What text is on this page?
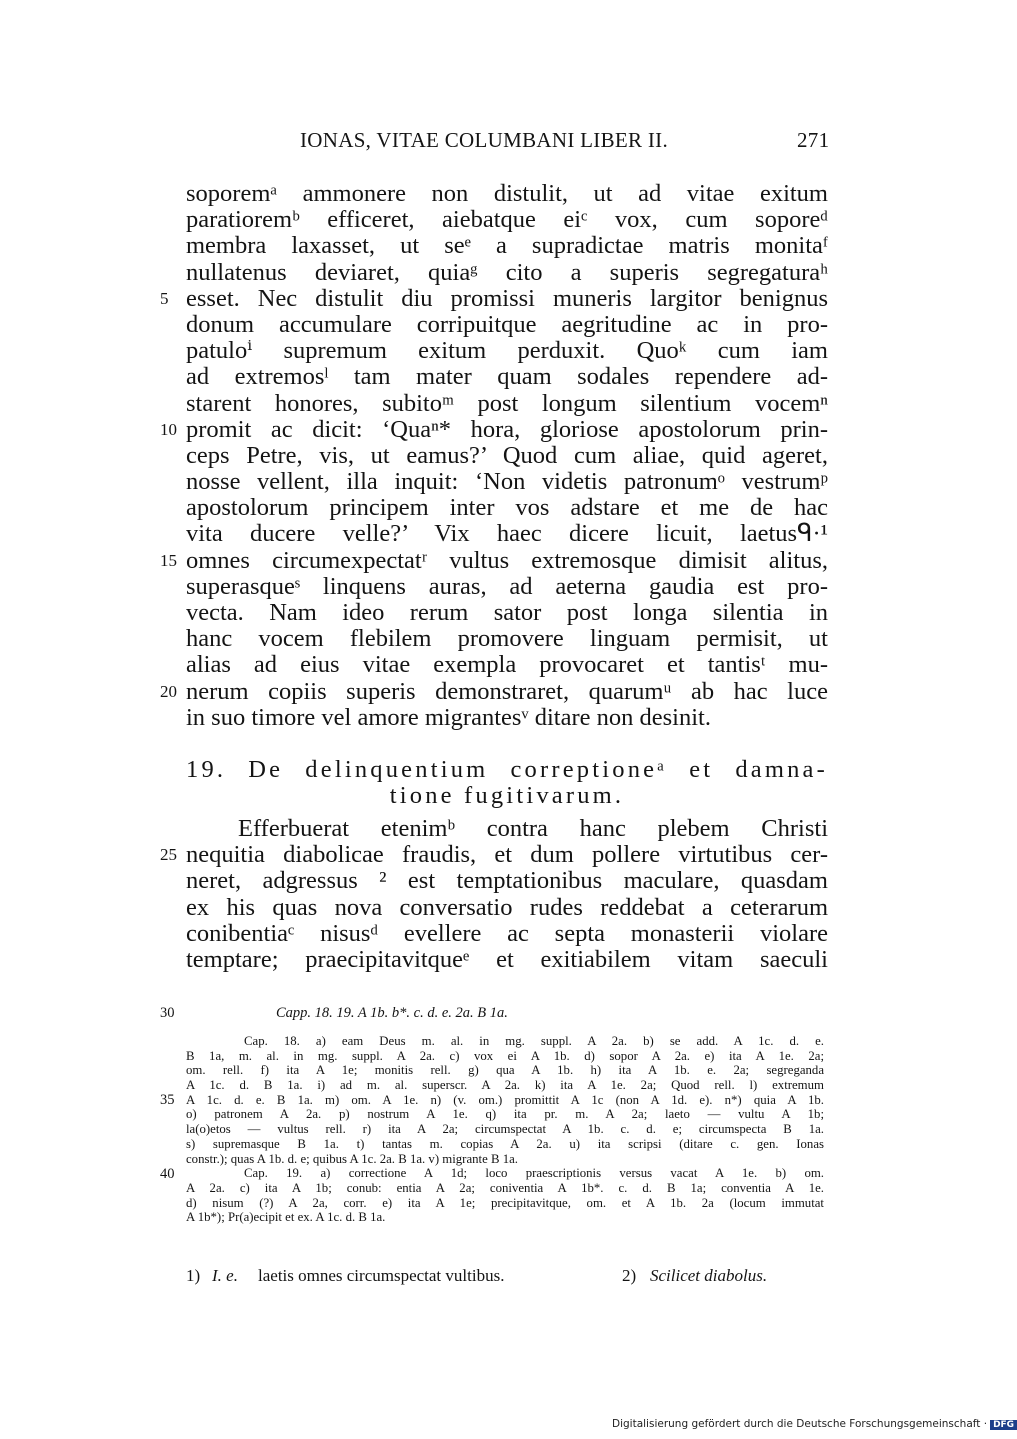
IONAS, VITAE COLUMBANI LIBER II.	271
soporemᵃ ammonere non distulit, ut ad vitae exitum
paratioremᵇ efficeret, aiebatque eiᶜ vox, cum soporeᵈ
membra laxasset, ut seᵉ a supradictae matris monitaᶠ
nullatenus deviaret, quiaᵍ cito a superis segregaturaʰ
esset. Nec distulit diu promissi muneris largitor benignus
donum accumulare corripuitque aegritudine ac in pro-
patuloⁱ supremum exitum perduxit. Quoᵏ cum iam
ad extremosˡ tam mater quam sodales rependere ad-
starent honores, subitoᵐ post longum silentium vocemⁿ
promit ac dicit: ‘Quaⁿ* hora, gloriose apostolorum prin-
ceps Petre, vis, ut eamus?’ Quod cum aliae, quid ageret,
nosse vellent, illa inquit: ‘Non videtis patronumᵒ vestrumᵖ
apostolorum principem inter vos adstare et me de hac
vita ducere velle?’ Vix haec dicere licuit, laetusᑫ·¹
omnes circumexpectatʳ vultus extremosque dimisit alitus,
superasqueˢ linquens auras, ad aeterna gaudia est pro-
vecta. Nam ideo rerum sator post longa silentia in
hanc vocem flebilem promovere linguam permisit, ut
alias ad eius vitae exempla provocaret et tantisᵗ mu-
nerum copiis superis demonstraret, quarumᵘ ab hac luce
in suo timore vel amore migrantesᵛ ditare non desinit.
5
10
15
20
19. De delinquentium correptioneᵃ et damna-
tione fugitivarum.
Efferbuerat etenimᵇ contra hanc plebem Christi
nequitia diabolicae fraudis, et dum pollere virtutibus cer-
neret, adgressus ² est temptationibus maculare, quasdam
ex his quas nova conversatio rudes reddebat a ceterarum
conibentiaᶜ nisusᵈ evellere ac septa monasterii violare
temptare; praecipitavitqueᵉ et exitiabilem vitam saeculi
25
30	Capp. 18. 19. A 1b. b*. c. d. e. 2a. B 1a.
Cap. 18. a) eam Deus m. al. in mg. suppl. A 2a. b) se add. A 1c. d. e.
B 1a, m. al. in mg. suppl. A 2a. c) vox ei A 1b. d) sopor A 2a. e) ita A 1e. 2a;
om. rell. f) ita A 1e; monitis rell. g) qua A 1b. h) ita A 1b. e. 2a; segreganda
A 1c. d. B 1a. i) ad m. al. superscr. A 2a. k) ita A 1e. 2a; Quod rell. l) extremum
A 1c. d. e. B 1a. m) om. A 1e. n) (v. om.) promittit A 1c (non A 1d. e). n*) quia A 1b.
o) patronem A 2a. p) nostrum A 1e. q) ita pr. m. A 2a; laeto — vultu A 1b;
la(o)etos — vultus rell. r) ita A 2a; circumspectat A 1b. c. d. e; circumspecta B 1a.
s) supremasque B 1a. t) tantas m. copias A 2a. u) ita scripsi (ditare c. gen. Ionas
constr.); quas A 1b. d. e; quibus A 1c. 2a. B 1a. v) migrante B 1a.
Cap. 19. a) correctione A 1d; loco praescriptionis versus vacat A 1e. b) om.
A 2a. c) ita A 1b; conub: entia A 2a; coniventia A 1b*. c. d. B 1a; conventia A 1e.
d) nisum (?) A 2a, corr. e) ita A 1e; precipitavitque, om. et A 1b. 2a (locum immutat
A 1b*); Pr(a)ecipit et ex. A 1c. d. B 1a.
35
40
1) I. e. laetis omnes circumspectat vultibus.	2) Scilicet diabolus.
Digitalisierung gefördert durch die Deutsche Forschungsgemeinschaft · DFG
